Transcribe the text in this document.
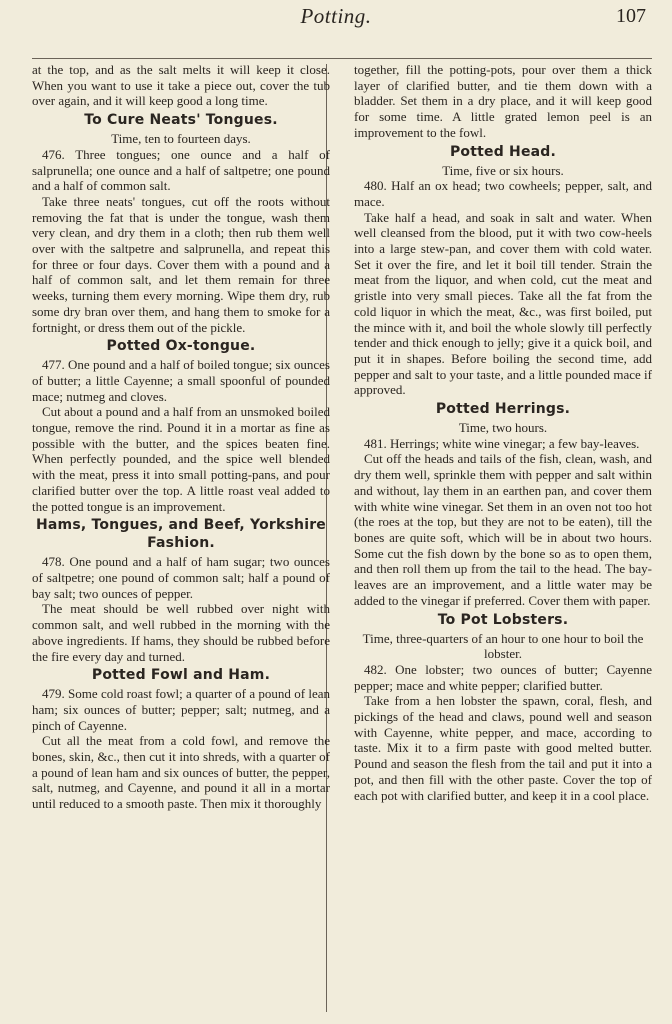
Potting.	107

at the top, and as the salt melts it will keep it close. When you want to use it take a piece out, cover the tub over again, and it will keep good a long time.

To Cure Neats' Tongues.

Time, ten to fourteen days.

476. Three tongues; one ounce and a half of salprunella; one ounce and a half of saltpetre; one pound and a half of common salt.

Take three neats' tongues, cut off the roots without removing the fat that is under the tongue, wash them very clean, and dry them in a cloth; then rub them well over with the saltpetre and salprunella, and repeat this for three or four days. Cover them with a pound and a half of common salt, and let them remain for three weeks, turning them every morning. Wipe them dry, rub some dry bran over them, and hang them to smoke for a fortnight, or dress them out of the pickle.

Potted Ox-tongue.

477. One pound and a half of boiled tongue; six ounces of butter; a little Cayenne; a small spoonful of pounded mace; nutmeg and cloves.

Cut about a pound and a half from an unsmoked boiled tongue, remove the rind. Pound it in a mortar as fine as possible with the butter, and the spices beaten fine. When perfectly pounded, and the spice well blended with the meat, press it into small potting-pans, and pour clarified butter over the top. A little roast veal added to the potted tongue is an improvement.

Hams, Tongues, and Beef, Yorkshire Fashion.

478. One pound and a half of ham sugar; two ounces of saltpetre; one pound of common salt; half a pound of bay salt; two ounces of pepper.

The meat should be well rubbed over night with common salt, and well rubbed in the morning with the above ingredients. If hams, they should be rubbed before the fire every day and turned.

Potted Fowl and Ham.

479. Some cold roast fowl; a quarter of a pound of lean ham; six ounces of butter; pepper; salt; nutmeg, and a pinch of Cayenne.

Cut all the meat from a cold fowl, and remove the bones, skin, &c., then cut it into shreds, with a quarter of a pound of lean ham and six ounces of butter, the pepper, salt, nutmeg, and Cayenne, and pound it all in a mortar until reduced to a smooth paste. Then mix it thoroughly

together, fill the potting-pots, pour over them a thick layer of clarified butter, and tie them down with a bladder. Set them in a dry place, and it will keep good for some time. A little grated lemon peel is an improvement to the fowl.

Potted Head.

Time, five or six hours.

480. Half an ox head; two cowheels; pepper, salt, and mace.

Take half a head, and soak in salt and water. When well cleansed from the blood, put it with two cow-heels into a large stew-pan, and cover them with cold water. Set it over the fire, and let it boil till tender. Strain the meat from the liquor, and when cold, cut the meat and gristle into very small pieces. Take all the fat from the cold liquor in which the meat, &c., was first boiled, put the mince with it, and boil the whole slowly till perfectly tender and thick enough to jelly; give it a quick boil, and put it in shapes. Before boiling the second time, add pepper and salt to your taste, and a little pounded mace if approved.

Potted Herrings.

Time, two hours.

481. Herrings; white wine vinegar; a few bay-leaves.

Cut off the heads and tails of the fish, clean, wash, and dry them well, sprinkle them with pepper and salt within and without, lay them in an earthen pan, and cover them with white wine vinegar. Set them in an oven not too hot (the roes at the top, but they are not to be eaten), till the bones are quite soft, which will be in about two hours. Some cut the fish down by the bone so as to open them, and then roll them up from the tail to the head. The bay-leaves are an improvement, and a little water may be added to the vinegar if preferred. Cover them with paper.

To Pot Lobsters.

Time, three-quarters of an hour to one hour to boil the lobster.

482. One lobster; two ounces of butter; Cayenne pepper; mace and white pepper; clarified butter.

Take from a hen lobster the spawn, coral, flesh, and pickings of the head and claws, pound well and season with Cayenne, white pepper, and mace, according to taste. Mix it to a firm paste with good melted butter. Pound and season the flesh from the tail and put it into a pot, and then fill with the other paste. Cover the top of each pot with clarified butter, and keep it in a cool place.
